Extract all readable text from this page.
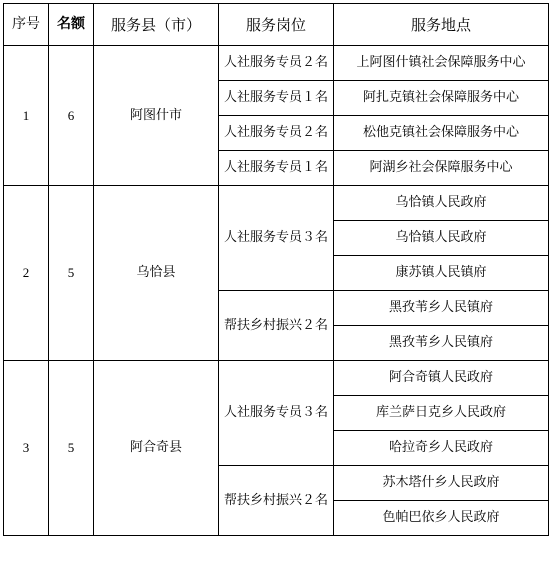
序号	名额	服务县（市）	服务岗位	服务地点
1	6	阿图什市	人社服务专员２名	上阿图什镇社会保障服务中心
			人社服务专员１名	阿扎克镇社会保障服务中心
			人社服务专员２名	松他克镇社会保障服务中心
			人社服务专员１名	阿湖乡社会保障服务中心
2	5	乌恰县	人社服务专员３名	乌恰镇人民政府
				乌恰镇人民政府
				康苏镇人民镇府
			帮扶乡村振兴２名	黑孜苇乡人民镇府
				黑孜苇乡人民镇府
3	5	阿合奇县	人社服务专员３名	阿合奇镇人民政府
				库兰萨日克乡人民政府
				哈拉奇乡人民政府
			帮扶乡村振兴２名	苏木塔什乡人民政府
				色帕巴依乡人民政府
